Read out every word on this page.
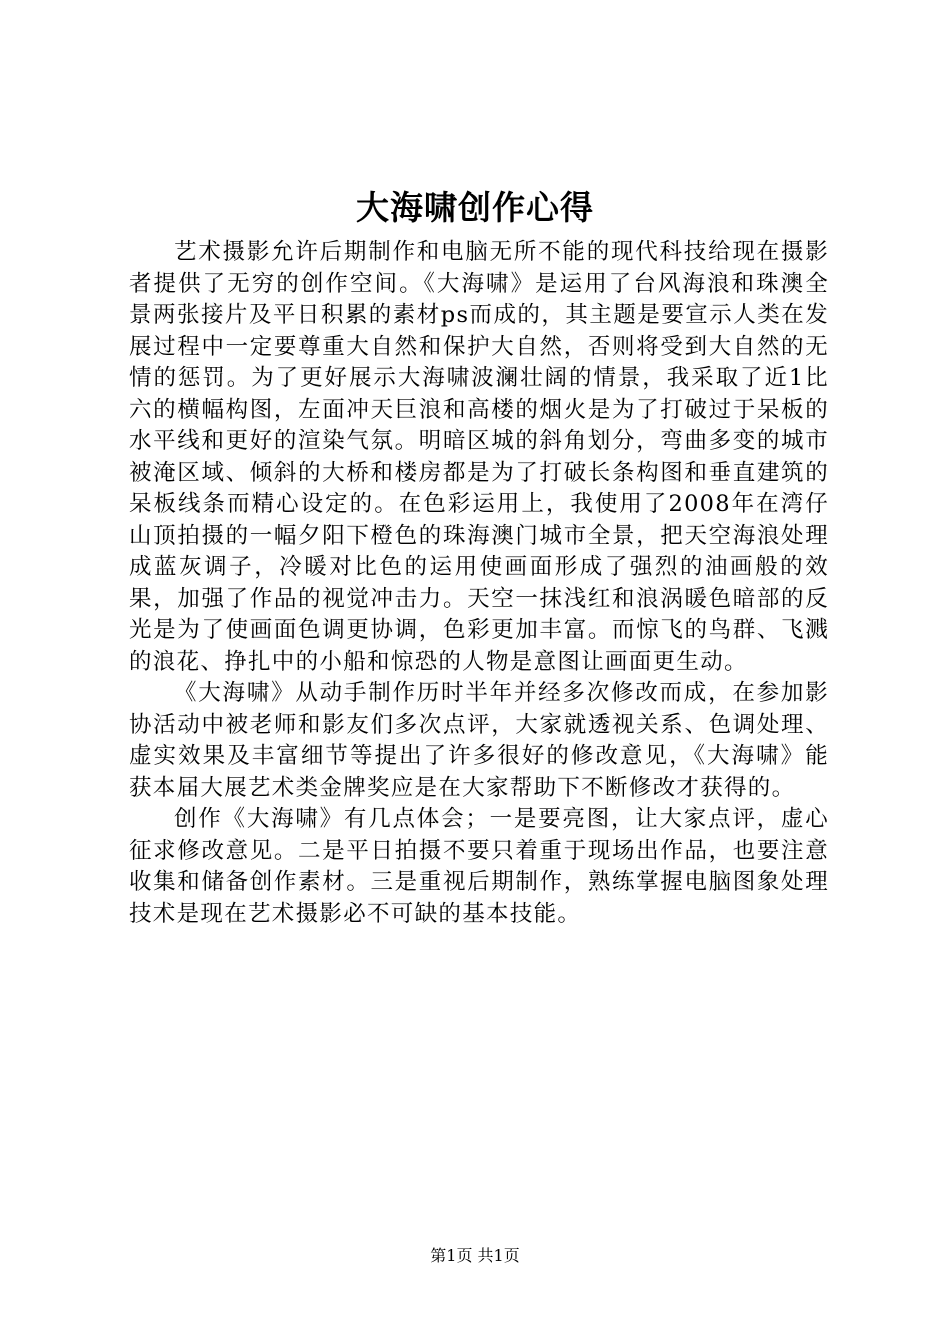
大海啸创作心得

艺术摄影允许后期制作和电脑无所不能的现代科技给现在摄影者提供了无穷的创作空间。《大海啸》是运用了台风海浪和珠澳全景两张接片及平日积累的素材ps而成的，其主题是要宣示人类在发展过程中一定要尊重大自然和保护大自然，否则将受到大自然的无情的惩罚。为了更好展示大海啸波澜壮阔的情景，我采取了近1比六的横幅构图，左面冲天巨浪和高楼的烟火是为了打破过于呆板的水平线和更好的渲染气氛。明暗区城的斜角划分，弯曲多变的城市被淹区域、倾斜的大桥和楼房都是为了打破长条构图和垂直建筑的呆板线条而精心设定的。在色彩运用上，我使用了2008年在湾仔山顶拍摄的一幅夕阳下橙色的珠海澳门城市全景，把天空海浪处理成蓝灰调子，冷暖对比色的运用使画面形成了强烈的油画般的效果，加强了作品的视觉冲击力。天空一抹浅红和浪涡暖色暗部的反光是为了使画面色调更协调，色彩更加丰富。而惊飞的鸟群、飞溅的浪花、挣扎中的小船和惊恐的人物是意图让画面更生动。

《大海啸》从动手制作历时半年并经多次修改而成，在参加影协活动中被老师和影友们多次点评，大家就透视关系、色调处理、虚实效果及丰富细节等提出了许多很好的修改意见，《大海啸》能获本届大展艺术类金牌奖应是在大家帮助下不断修改才获得的。

创作《大海啸》有几点体会；一是要亮图，让大家点评，虚心征求修改意见。二是平日拍摄不要只着重于现场出作品，也要注意收集和储备创作素材。三是重视后期制作，熟练掌握电脑图象处理技术是现在艺术摄影必不可缺的基本技能。

第1页 共1页
